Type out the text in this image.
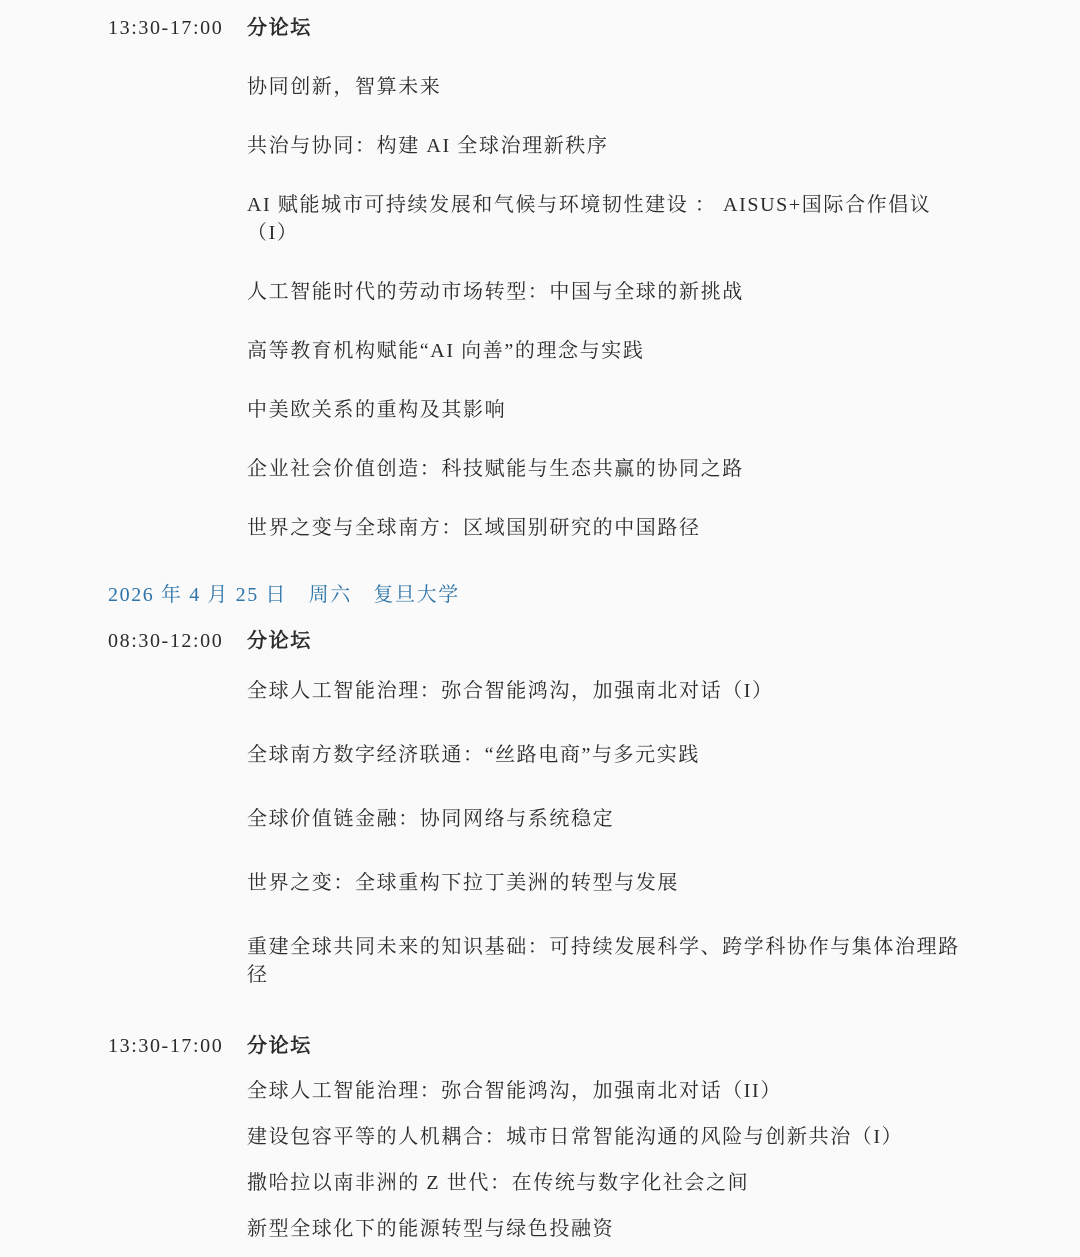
13:30-17:00	分论坛

协同创新，智算未来

共治与协同：构建 AI 全球治理新秩序

AI 赋能城市可持续发展和气候与环境韧性建设 ： AISUS+国际合作倡议（I）

人工智能时代的劳动市场转型：中国与全球的新挑战

高等教育机构赋能“AI 向善”的理念与实践

中美欧关系的重构及其影响

企业社会价值创造：科技赋能与生态共赢的协同之路

世界之变与全球南方：区域国别研究的中国路径

2026 年 4 月 25 日　周六　复旦大学
08:30-12:00	分论坛

全球人工智能治理：弥合智能鸿沟，加强南北对话（I）

全球南方数字经济联通：“丝路电商”与多元实践

全球价值链金融：协同网络与系统稳定

世界之变：全球重构下拉丁美洲的转型与发展

重建全球共同未来的知识基础：可持续发展科学、跨学科协作与集体治理路径

13:30-17:00	分论坛

全球人工智能治理：弥合智能鸿沟，加强南北对话（II）

建设包容平等的人机耦合：城市日常智能沟通的风险与创新共治（I）

撒哈拉以南非洲的 Z 世代：在传统与数字化社会之间

新型全球化下的能源转型与绿色投融资
